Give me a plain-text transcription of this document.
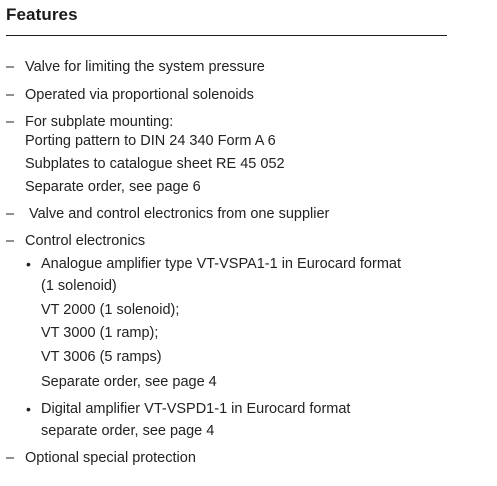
Features
– Valve for limiting the system pressure
– Operated via proportional solenoids
– For subplate mounting:
Porting pattern to DIN 24 340 Form A 6
Subplates to catalogue sheet RE 45 052
Separate order, see page 6
– Valve and control electronics from one supplier
– Control electronics
• Analogue amplifier type VT-VSPA1-1 in Eurocard format
(1 solenoid)
VT 2000 (1 solenoid);
VT 3000 (1 ramp);
VT 3006 (5 ramps)
Separate order, see page 4
• Digital amplifier VT-VSPD1-1 in Eurocard format
separate order, see page 4
– Optional special protection
